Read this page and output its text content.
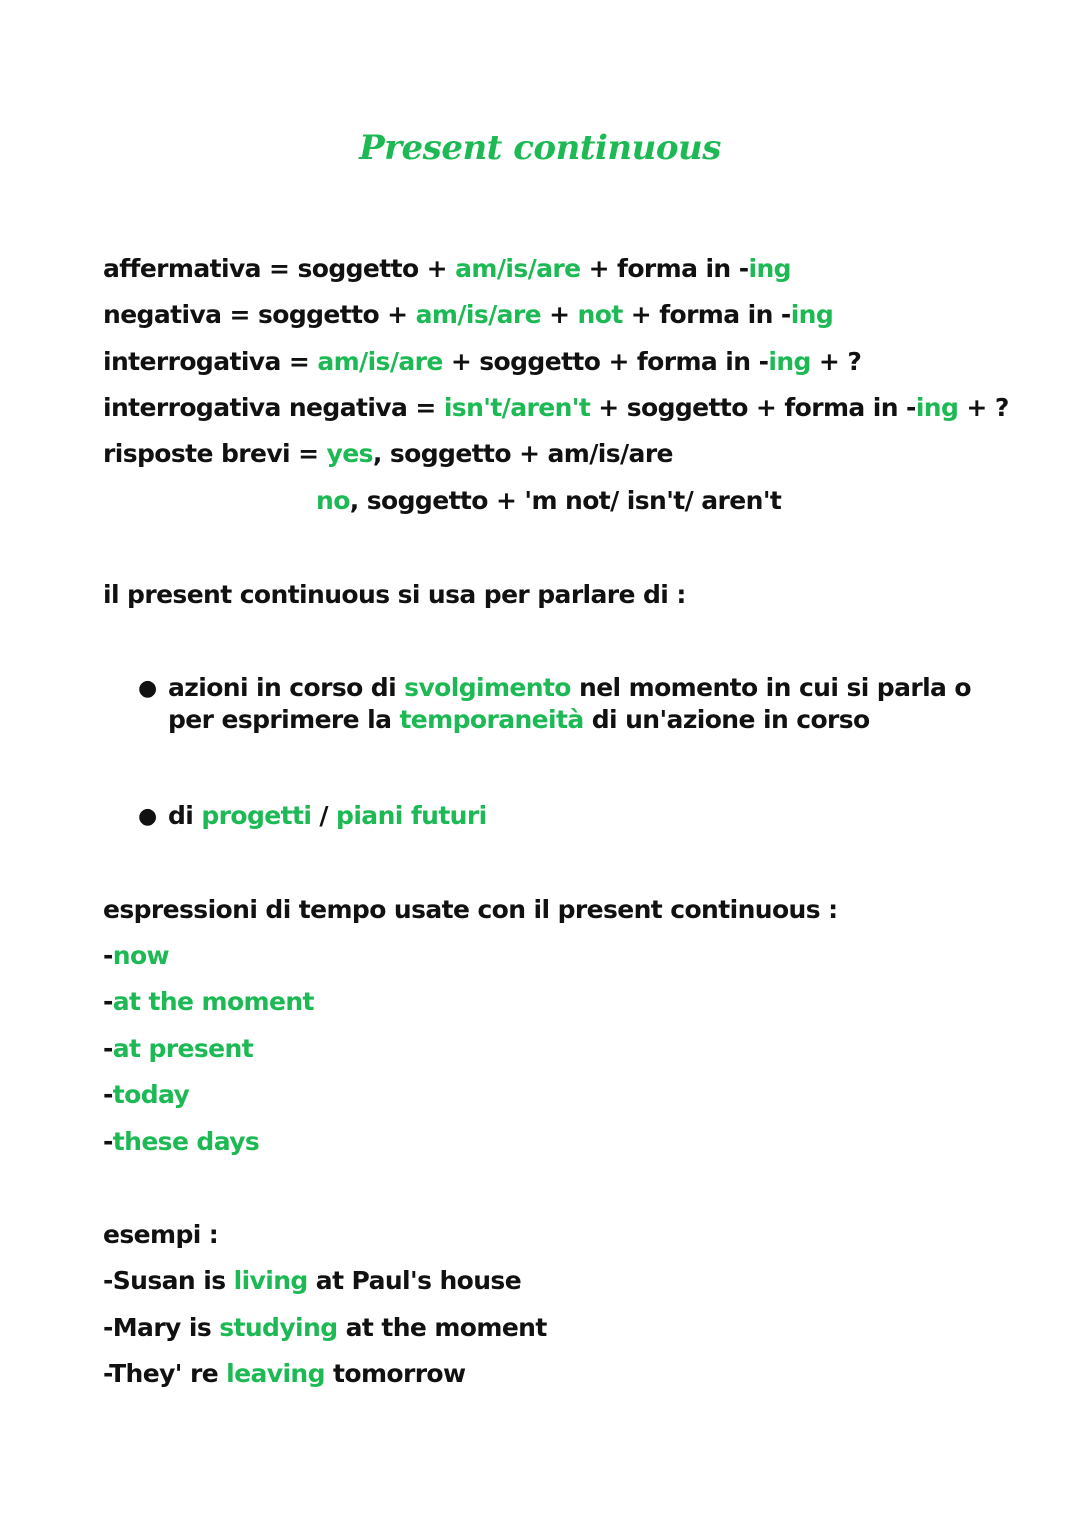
Present continuous
affermativa = soggetto + am/is/are + forma in -ing
negativa = soggetto + am/is/are + not + forma in -ing
interrogativa = am/is/are + soggetto + forma in -ing + ?
interrogativa negativa = isn't/aren't + soggetto + forma in -ing + ?
risposte brevi = yes, soggetto + am/is/are
no, soggetto + 'm not/ isn't/ aren't
il present continuous si usa per parlare di :
● azioni in corso di svolgimento nel momento in cui si parla o per esprimere la temporaneità di un'azione in corso
● di progetti / piani futuri
espressioni di tempo usate con il present continuous :
-now
-at the moment
-at present
-today
-these days
esempi :
-Susan is living at Paul's house
-Mary is studying at the moment
-They' re leaving tomorrow
